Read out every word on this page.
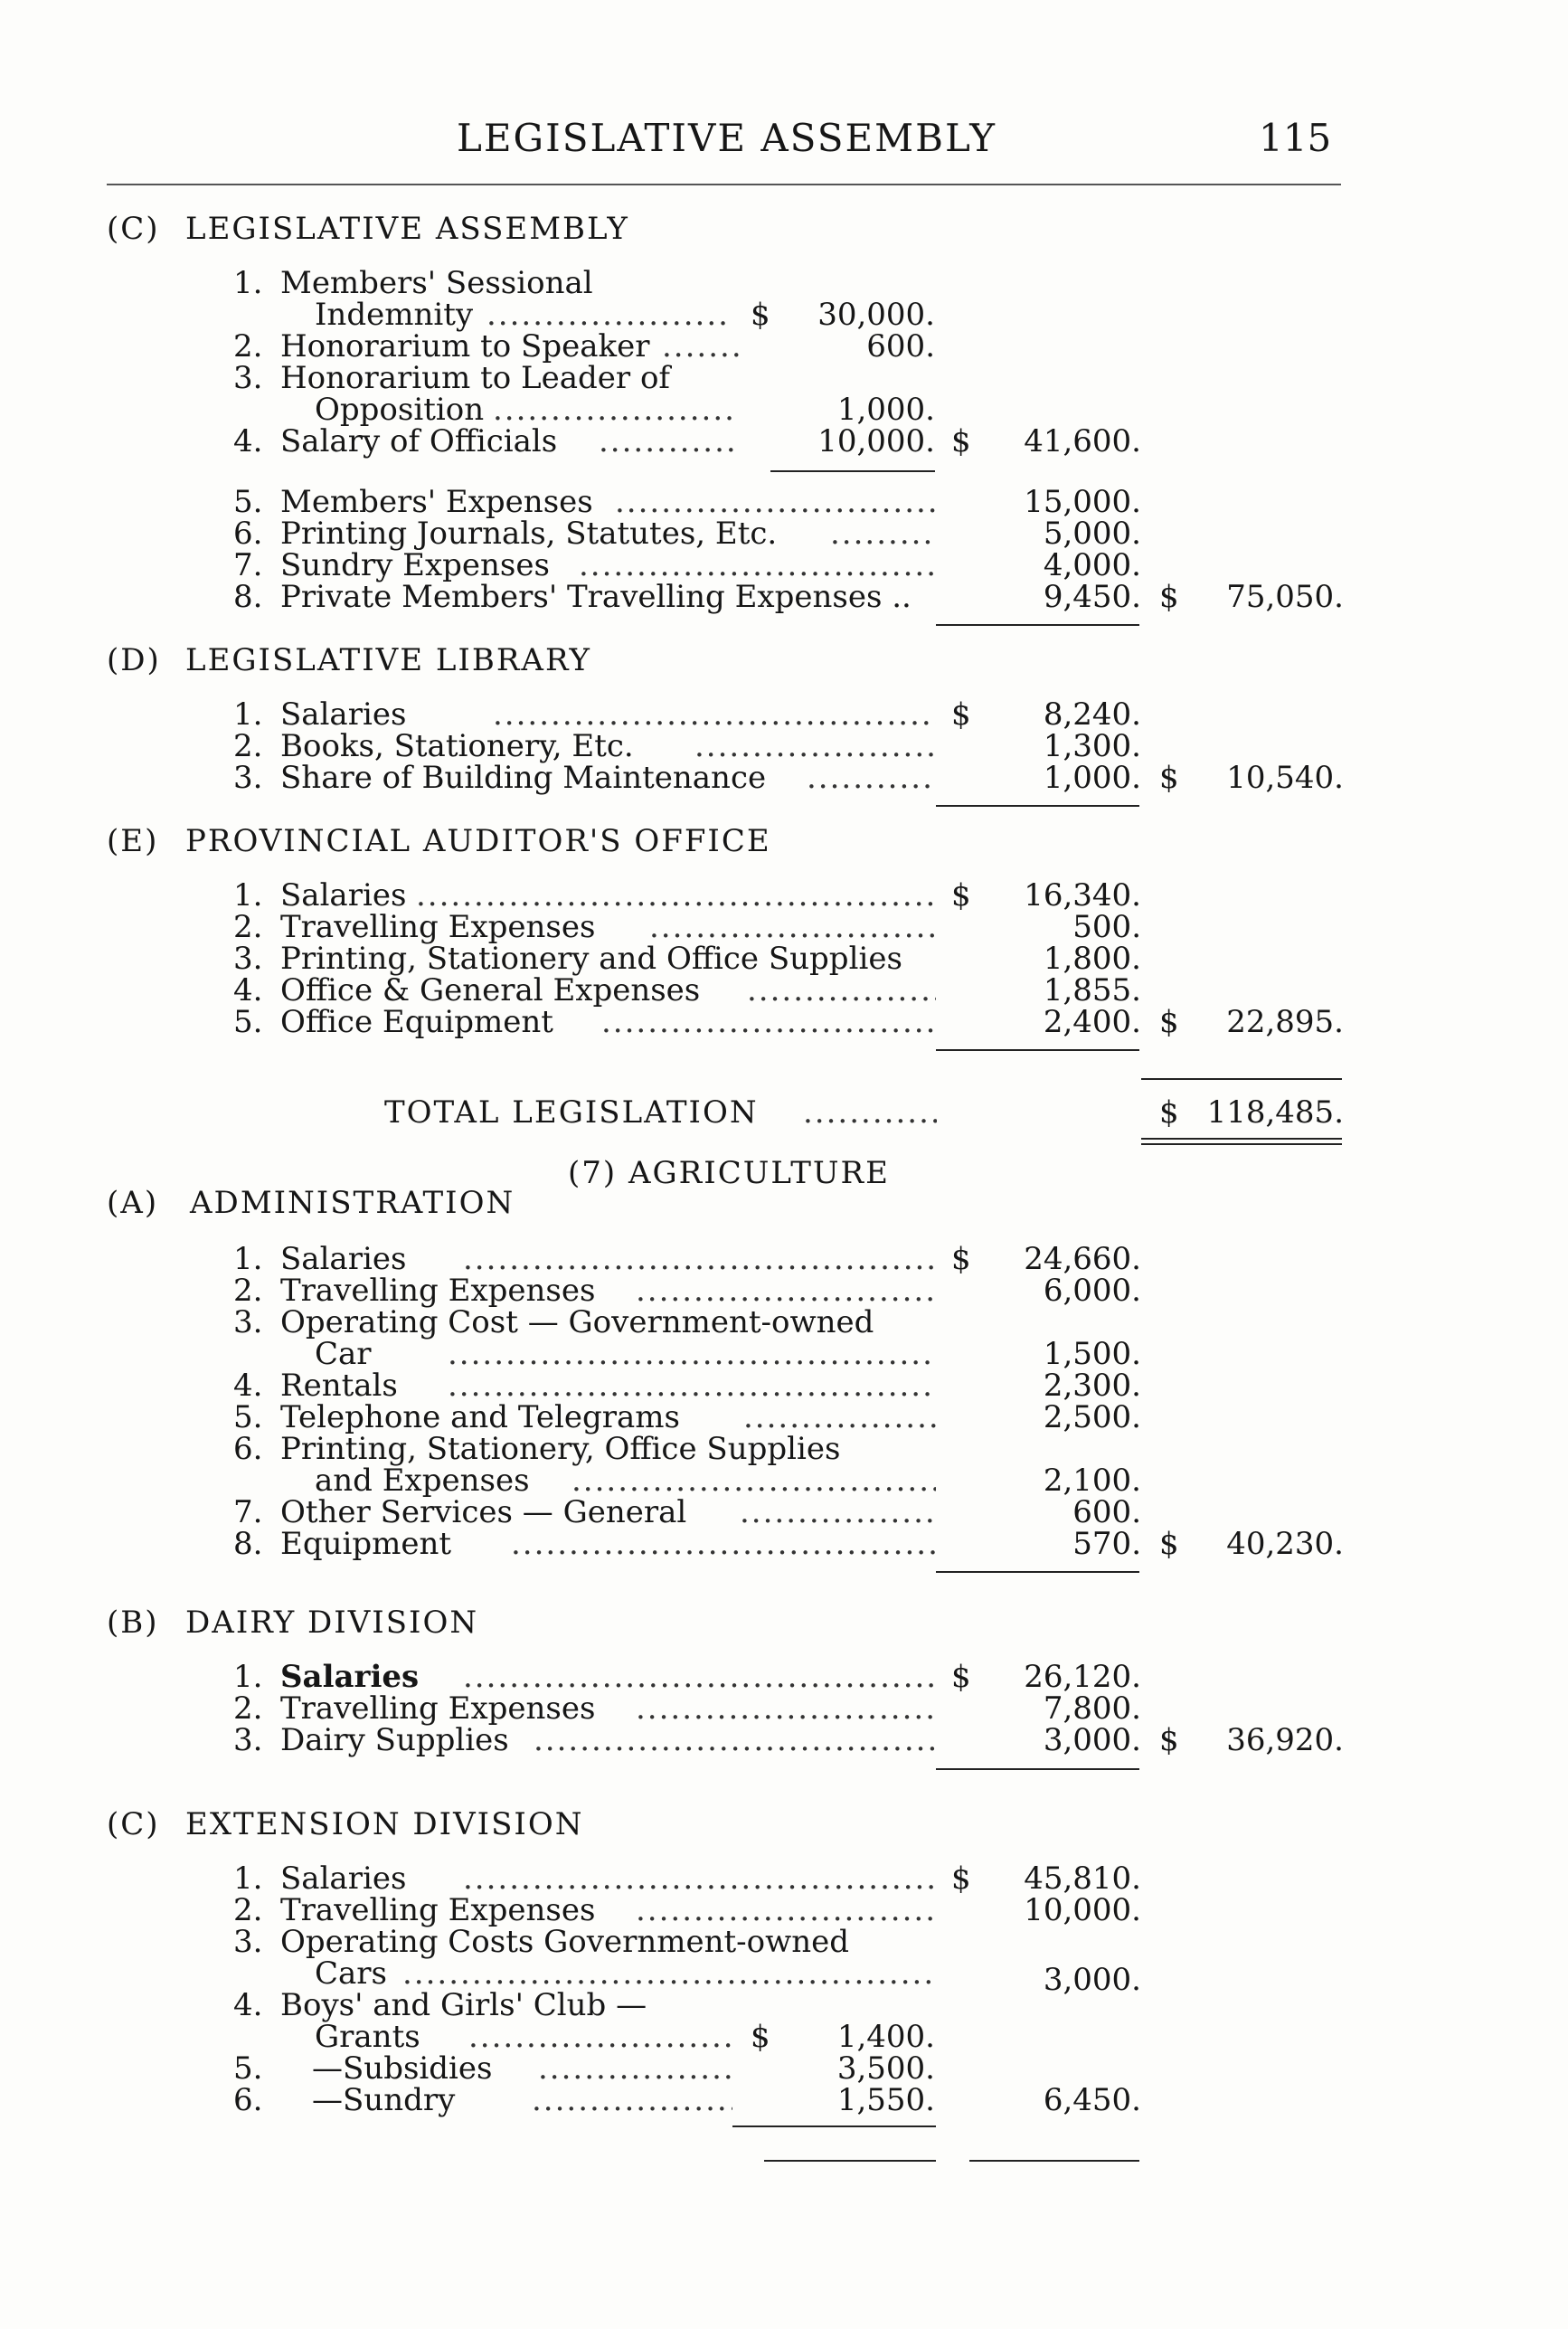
LEGISLATIVE ASSEMBLY	115
(C) LEGISLATIVE ASSEMBLY
1. Members' Sessional
Indemnity .....	$ 30,000.
2. Honorarium to Speaker .....	600.
3. Honorarium to Leader of
Opposition .....	1,000.
4. Salary of Officials .....	10,000. $ 41,600.
5. Members' Expenses .....	15,000.
6. Printing Journals, Statutes, Etc. .....	5,000.
7. Sundry Expenses .....	4,000.
8. Private Members' Travelling Expenses ..	9,450. $ 75,050.
(D) LEGISLATIVE LIBRARY
1. Salaries .....	$ 8,240.
2. Books, Stationery, Etc. .....	1,300.
3. Share of Building Maintenance .....	1,000. $ 10,540.
(E) PROVINCIAL AUDITOR'S OFFICE
1. Salaries .....	$ 16,340.
2. Travelling Expenses .....	500.
3. Printing, Stationery and Office Supplies	1,800.
4. Office & General Expenses .....	1,855.
5. Office Equipment .....	2,400. $ 22,895.
TOTAL LEGISLATION .....	$ 118,485.
(7) AGRICULTURE
(A) ADMINISTRATION
1. Salaries .....	$ 24,660.
2. Travelling Expenses .....	6,000.
3. Operating Cost — Government-owned
Car .....	1,500.
4. Rentals .....	2,300.
5. Telephone and Telegrams .....	2,500.
6. Printing, Stationery, Office Supplies
and Expenses .....	2,100.
7. Other Services — General .....	600.
8. Equipment .....	570. $ 40,230.
(B) DAIRY DIVISION
1. Salaries .....	$ 26,120.
2. Travelling Expenses .....	7,800.
3. Dairy Supplies .....	3,000. $ 36,920.
(C) EXTENSION DIVISION
1. Salaries .....	$ 45,810.
2. Travelling Expenses .....	10,000.
3. Operating Costs Government-owned
Cars .....	3,000.
4. Boys' and Girls' Club —
Grants .....	$ 1,400.
5. —Subsidies .....	3,500.
6. —Sundry .....	1,550.	6,450.
